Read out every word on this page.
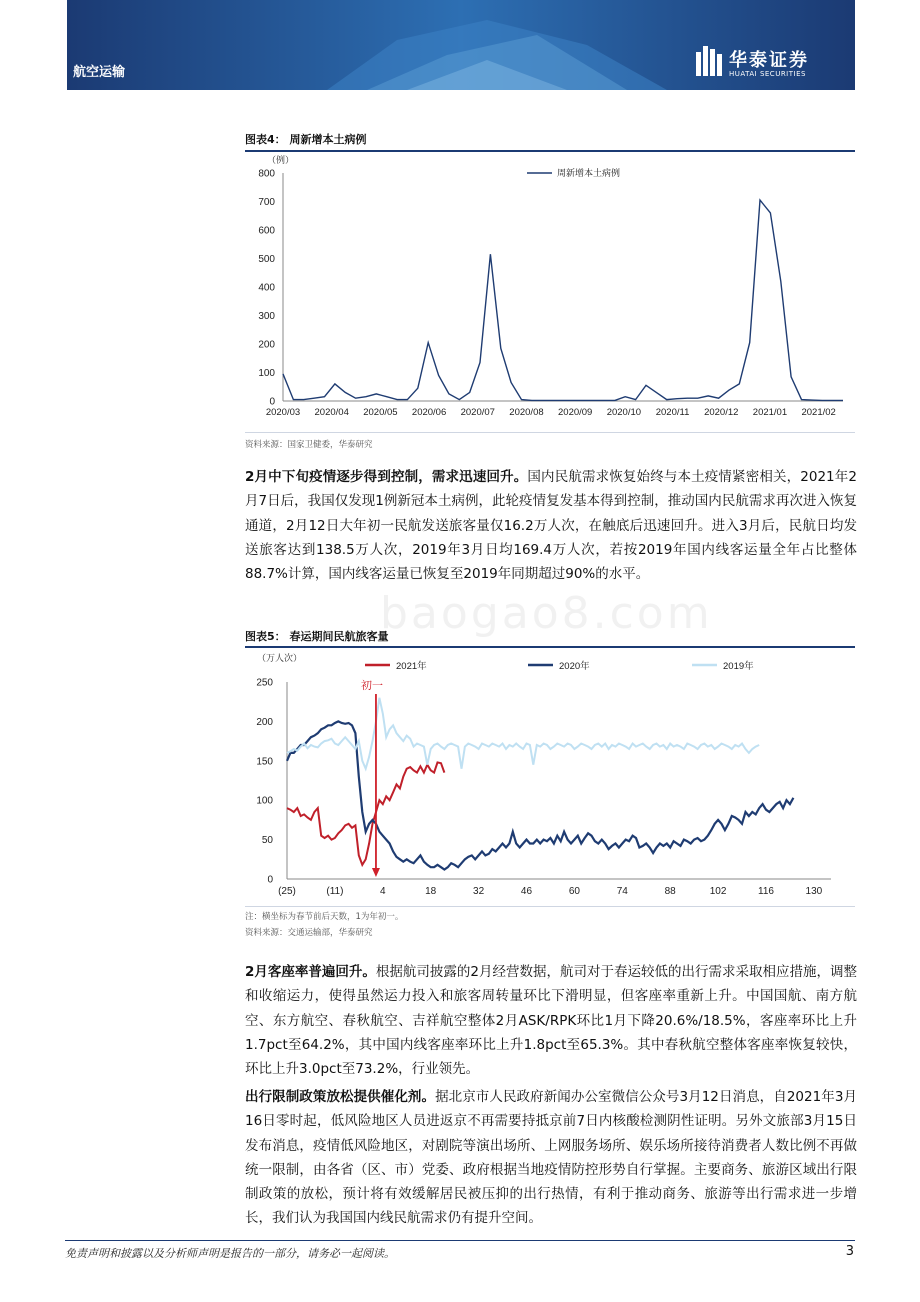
航空运输
华泰证券
HUATAI SECURITIES
图表4： 周新增本土病例
（例）
0
100
200
300
400
500
600
700
800
2020/03 2020/04 2020/05 2020/06 2020/07 2020/08 2020/09 2020/10 2020/11 2020/12 2021/01 2021/02
周新增本土病例
资料来源：国家卫健委，华泰研究
2月中下旬疫情逐步得到控制，需求迅速回升。国内民航需求恢复始终与本土疫情紧密相关，2021年2月7日后，我国仅发现1例新冠本土病例，此轮疫情复发基本得到控制，推动国内民航需求再次进入恢复通道，2月12日大年初一民航发送旅客量仅16.2万人次，在触底后迅速回升。进入3月后，民航日均发送旅客达到138.5万人次，2019年3月日均169.4万人次，若按2019年国内线客运量全年占比整体88.7%计算，国内线客运量已恢复至2019年同期超过90%的水平。
图表5： 春运期间民航旅客量
（万人次）
0
50
100
150
200
250
(25)	(11)	4	18	32	46	60	74	88	102	116	130
2021年	2020年	2019年
初一
注：横坐标为春节前后天数，1为年初一。
资料来源：交通运输部，华泰研究
2月客座率普遍回升。根据航司披露的2月经营数据，航司对于春运较低的出行需求采取相应措施，调整和收缩运力，使得虽然运力投入和旅客周转量环比下滑明显，但客座率重新上升。中国国航、南方航空、东方航空、春秋航空、吉祥航空整体2月ASK/RPK环比1月下降20.6%/18.5%，客座率环比上升1.7pct至64.2%，其中国内线客座率环比上升1.8pct至65.3%。其中春秋航空整体客座率恢复较快，环比上升3.0pct至73.2%，行业领先。
出行限制政策放松提供催化剂。据北京市人民政府新闻办公室微信公众号3月12日消息，自2021年3月16日零时起，低风险地区人员进返京不再需要持抵京前7日内核酸检测阴性证明。另外文旅部3月15日发布消息，疫情低风险地区，对剧院等演出场所、上网服务场所、娱乐场所接待消费者人数比例不再做统一限制，由各省（区、市）党委、政府根据当地疫情防控形势自行掌握。主要商务、旅游区域出行限制政策的放松，预计将有效缓解居民被压抑的出行热情，有利于推动商务、旅游等出行需求进一步增长，我们认为我国国内线民航需求仍有提升空间。
baogao8.com
免责声明和披露以及分析师声明是报告的一部分，请务必一起阅读。	3
